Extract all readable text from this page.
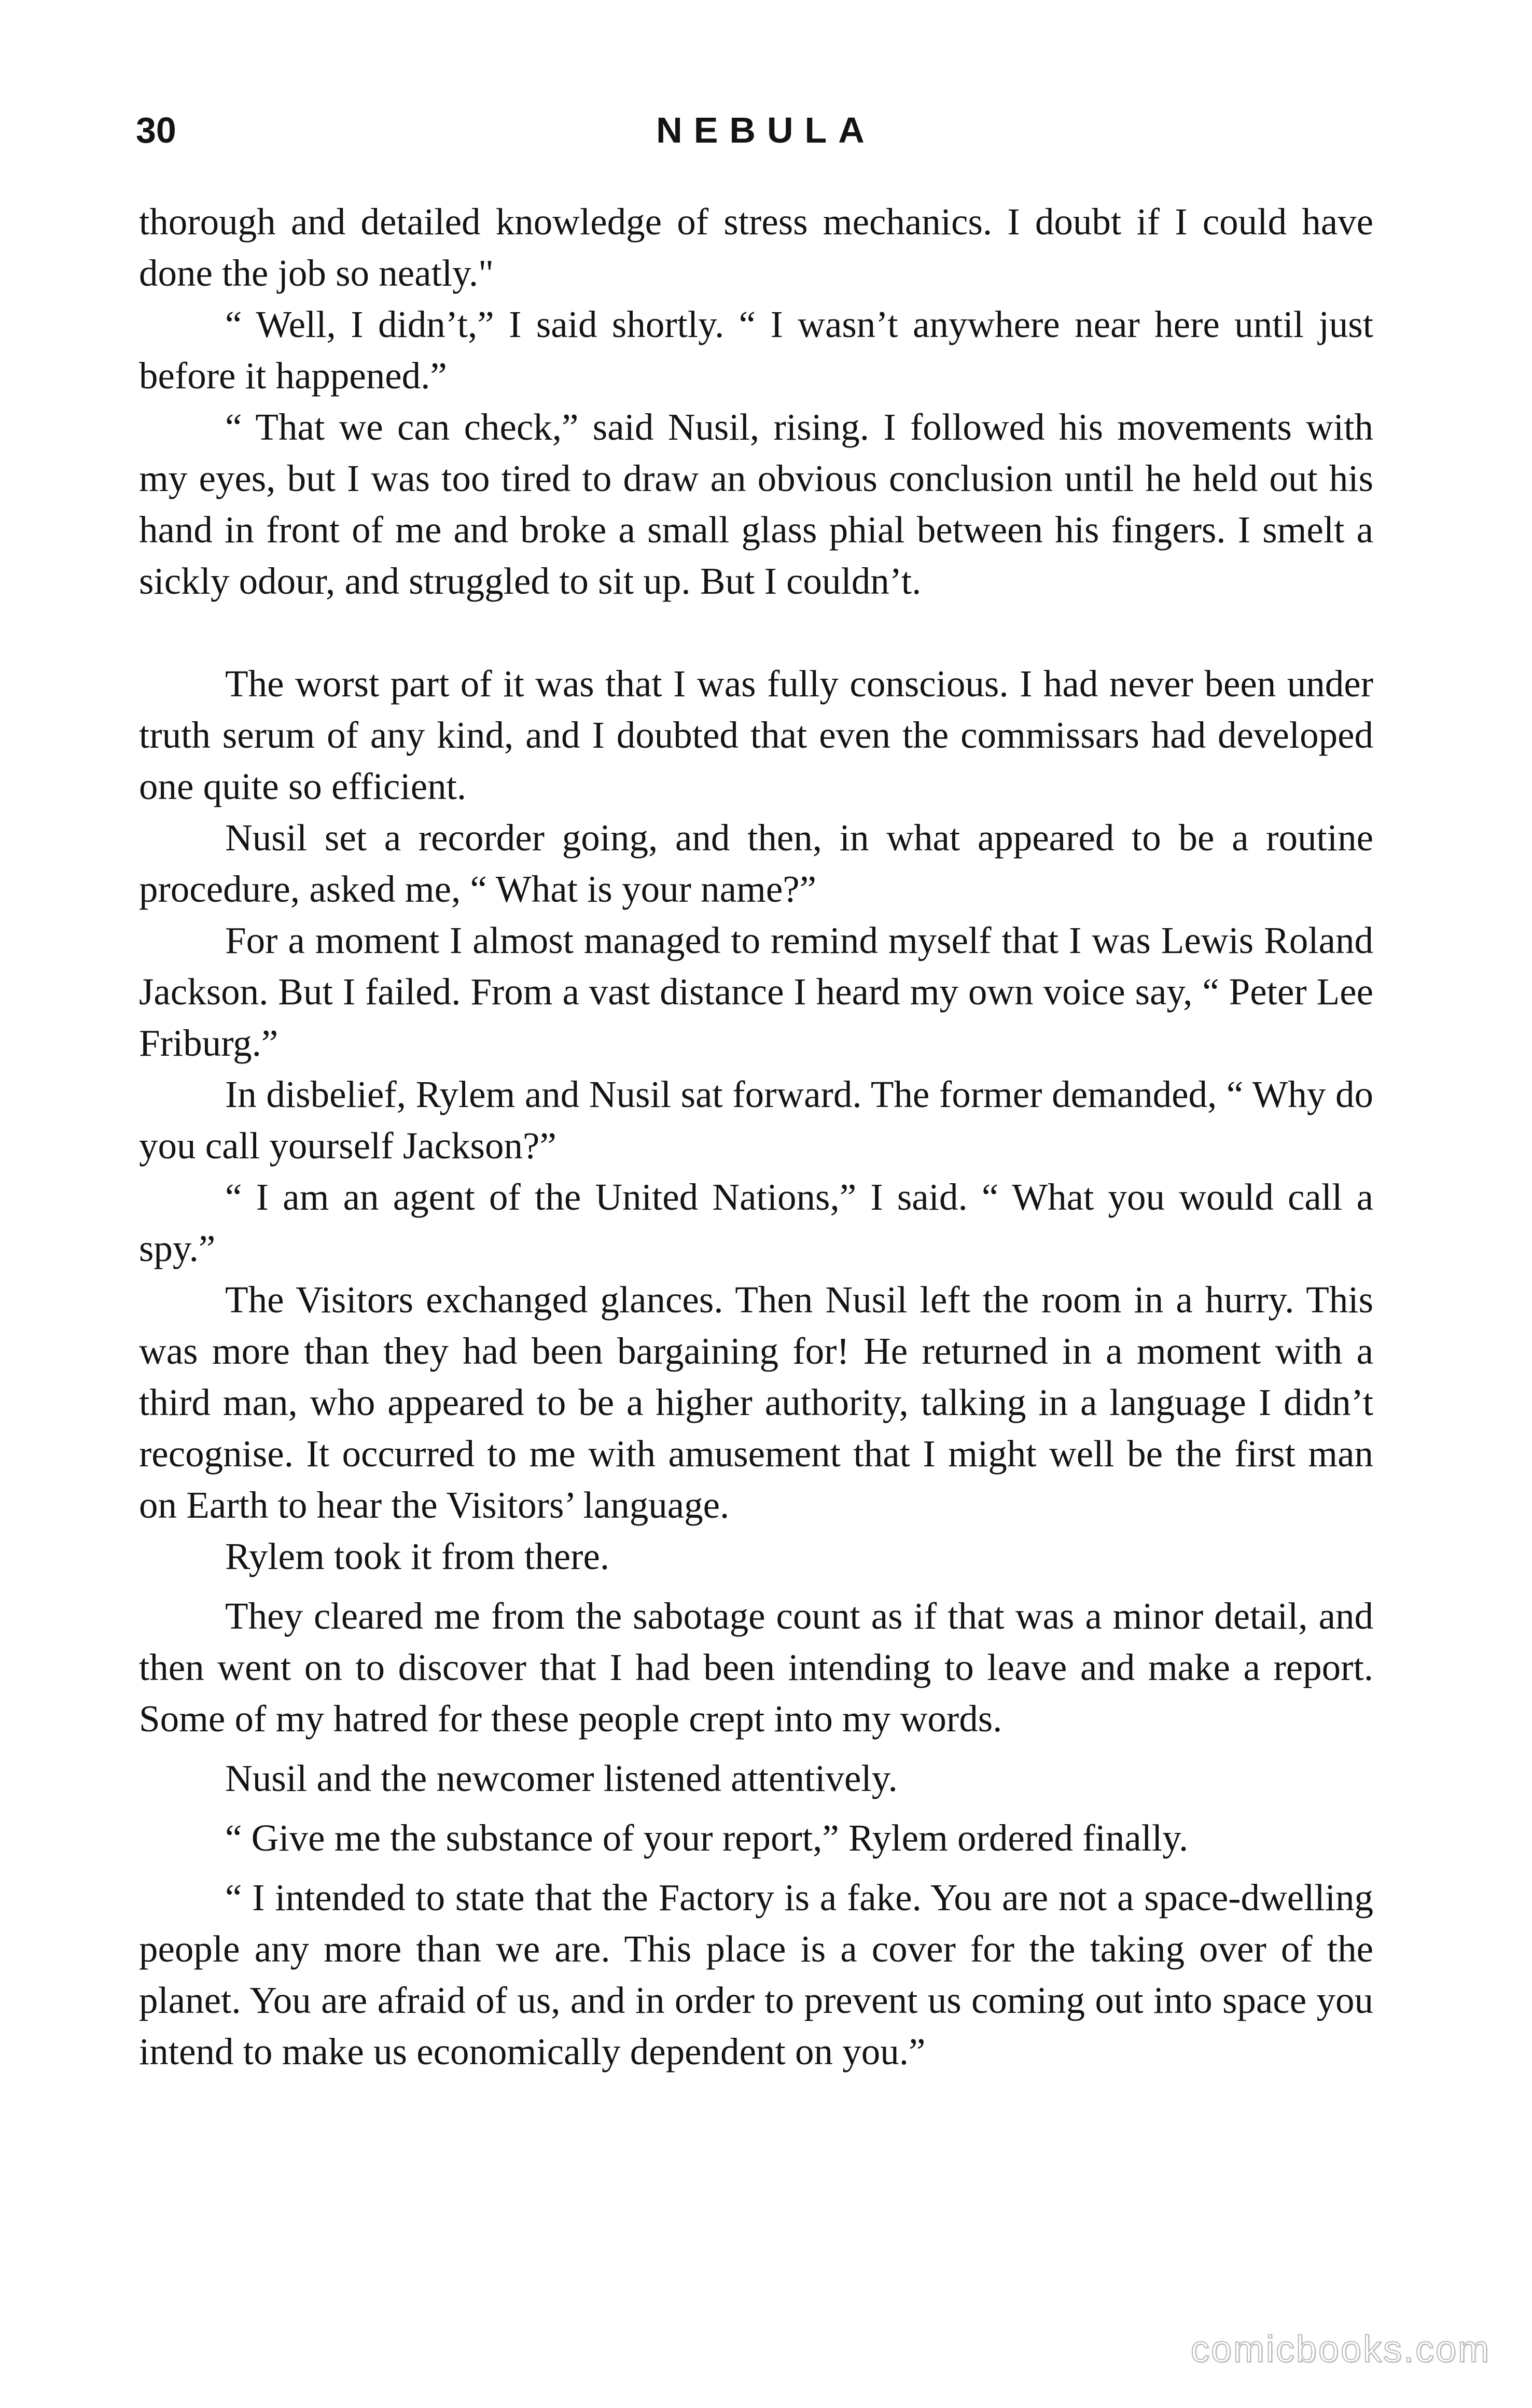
30	NEBULA

thorough and detailed knowledge of stress mechanics. I doubt if I could have done the job so neatly."

“ Well, I didn’t,” I said shortly. “ I wasn’t anywhere near here until just before it happened.”

“ That we can check,” said Nusil, rising. I followed his movements with my eyes, but I was too tired to draw an obvious conclusion until he held out his hand in front of me and broke a small glass phial between his fingers. I smelt a sickly odour, and struggled to sit up. But I couldn’t.

The worst part of it was that I was fully conscious. I had never been under truth serum of any kind, and I doubted that even the commissars had developed one quite so efficient.

Nusil set a recorder going, and then, in what appeared to be a routine procedure, asked me, “ What is your name?”

For a moment I almost managed to remind myself that I was Lewis Roland Jackson. But I failed. From a vast distance I heard my own voice say, “ Peter Lee Friburg.”

In disbelief, Rylem and Nusil sat forward. The former demanded, “ Why do you call yourself Jackson?”

“ I am an agent of the United Nations,” I said. “ What you would call a spy.”

The Visitors exchanged glances. Then Nusil left the room in a hurry. This was more than they had been bargaining for! He returned in a moment with a third man, who appeared to be a higher authority, talking in a language I didn’t recognise. It occurred to me with amusement that I might well be the first man on Earth to hear the Visitors’ language.

Rylem took it from there.

They cleared me from the sabotage count as if that was a minor detail, and then went on to discover that I had been intending to leave and make a report. Some of my hatred for these people crept into my words.

Nusil and the newcomer listened attentively.

“ Give me the substance of your report,” Rylem ordered finally.

“ I intended to state that the Factory is a fake. You are not a space-dwelling people any more than we are. This place is a cover for the taking over of the planet. You are afraid of us, and in order to prevent us coming out into space you intend to make us economically dependent on you.”

comicbooks.com
